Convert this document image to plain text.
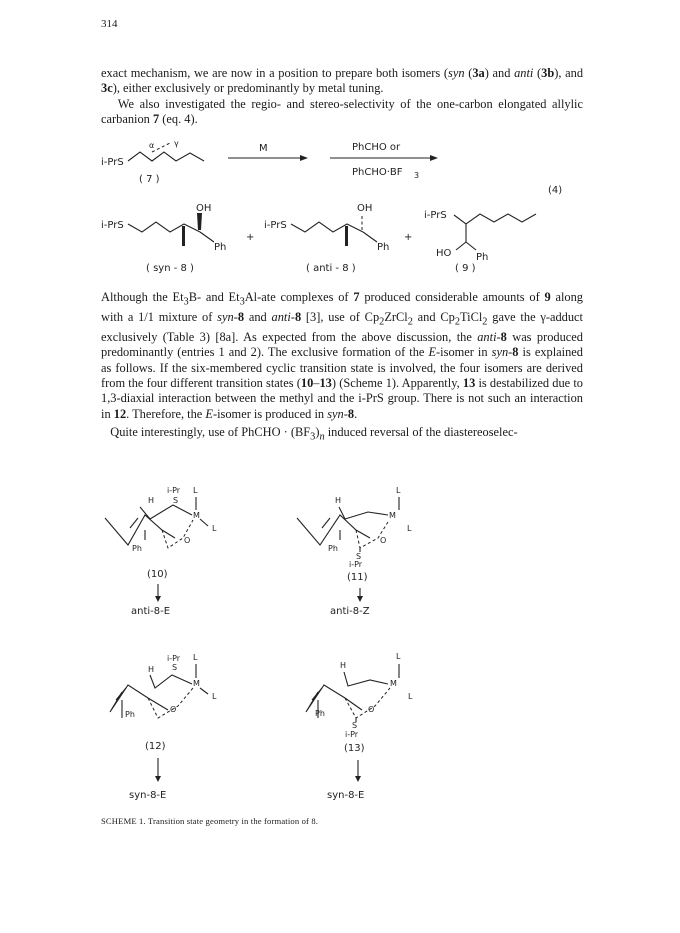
314

exact mechanism, we are now in a position to prepare both isomers (syn (3a) and anti (3b), and 3c), either exclusively or predominantly by metal tuning.
We also investigated the regio- and stereo-selectivity of the one-carbon elongated allylic carbanion 7 (eq. 4).

i-PrS
α γ
( 7 )
M	PhCHO or
PhCHO·BF 3
(4)
i-PrS
OH
Ph
( syn - 8 )
+
i-PrS
OH
Ph
( anti - 8 )
+
i-PrS
HO Ph
( 9 )
i-Pr L
H S
M
L
O
Ph
(10)
anti-8-E
L
H
M
L
O
Ph
S
i-Pr
(11)
anti-8-Z
i-Pr L
H S
M
L
O
Ph
(12)
syn-8-E
L
H
M
L
O
Ph
S
i-Pr
(13)
syn-8-E

Although the $Et_3B-$ and $Et_3Al$-ate complexes of 7 produced considerable amounts of 9 along with a 1/1 mixture of syn-8 and anti-8 [3], use of $Cp_2ZrCl_2$ and $Cp_2TiCl_2$ gave the γ-adduct exclusively (Table 3) [8a]. As expected from the above discussion, the anti-8 was produced predominantly (entries 1 and 2). The exclusive formation of the E-isomer in syn-8 is explained as follows. If the six-membered cyclic transition state is involved, the four isomers are derived from the four different transition states (10–13) (Scheme 1). Apparently, 13 is destabilized due to 1,3-diaxial interaction between the methyl and the i-PrS group. There is not such an interaction in 12. Therefore, the E-isomer is produced in syn-8.

Quite interestingly, use of PhCHO · $(BF_3)_n$ induced reversal of the diastereoselec-

SCHEME 1. Transition state geometry in the formation of 8.
